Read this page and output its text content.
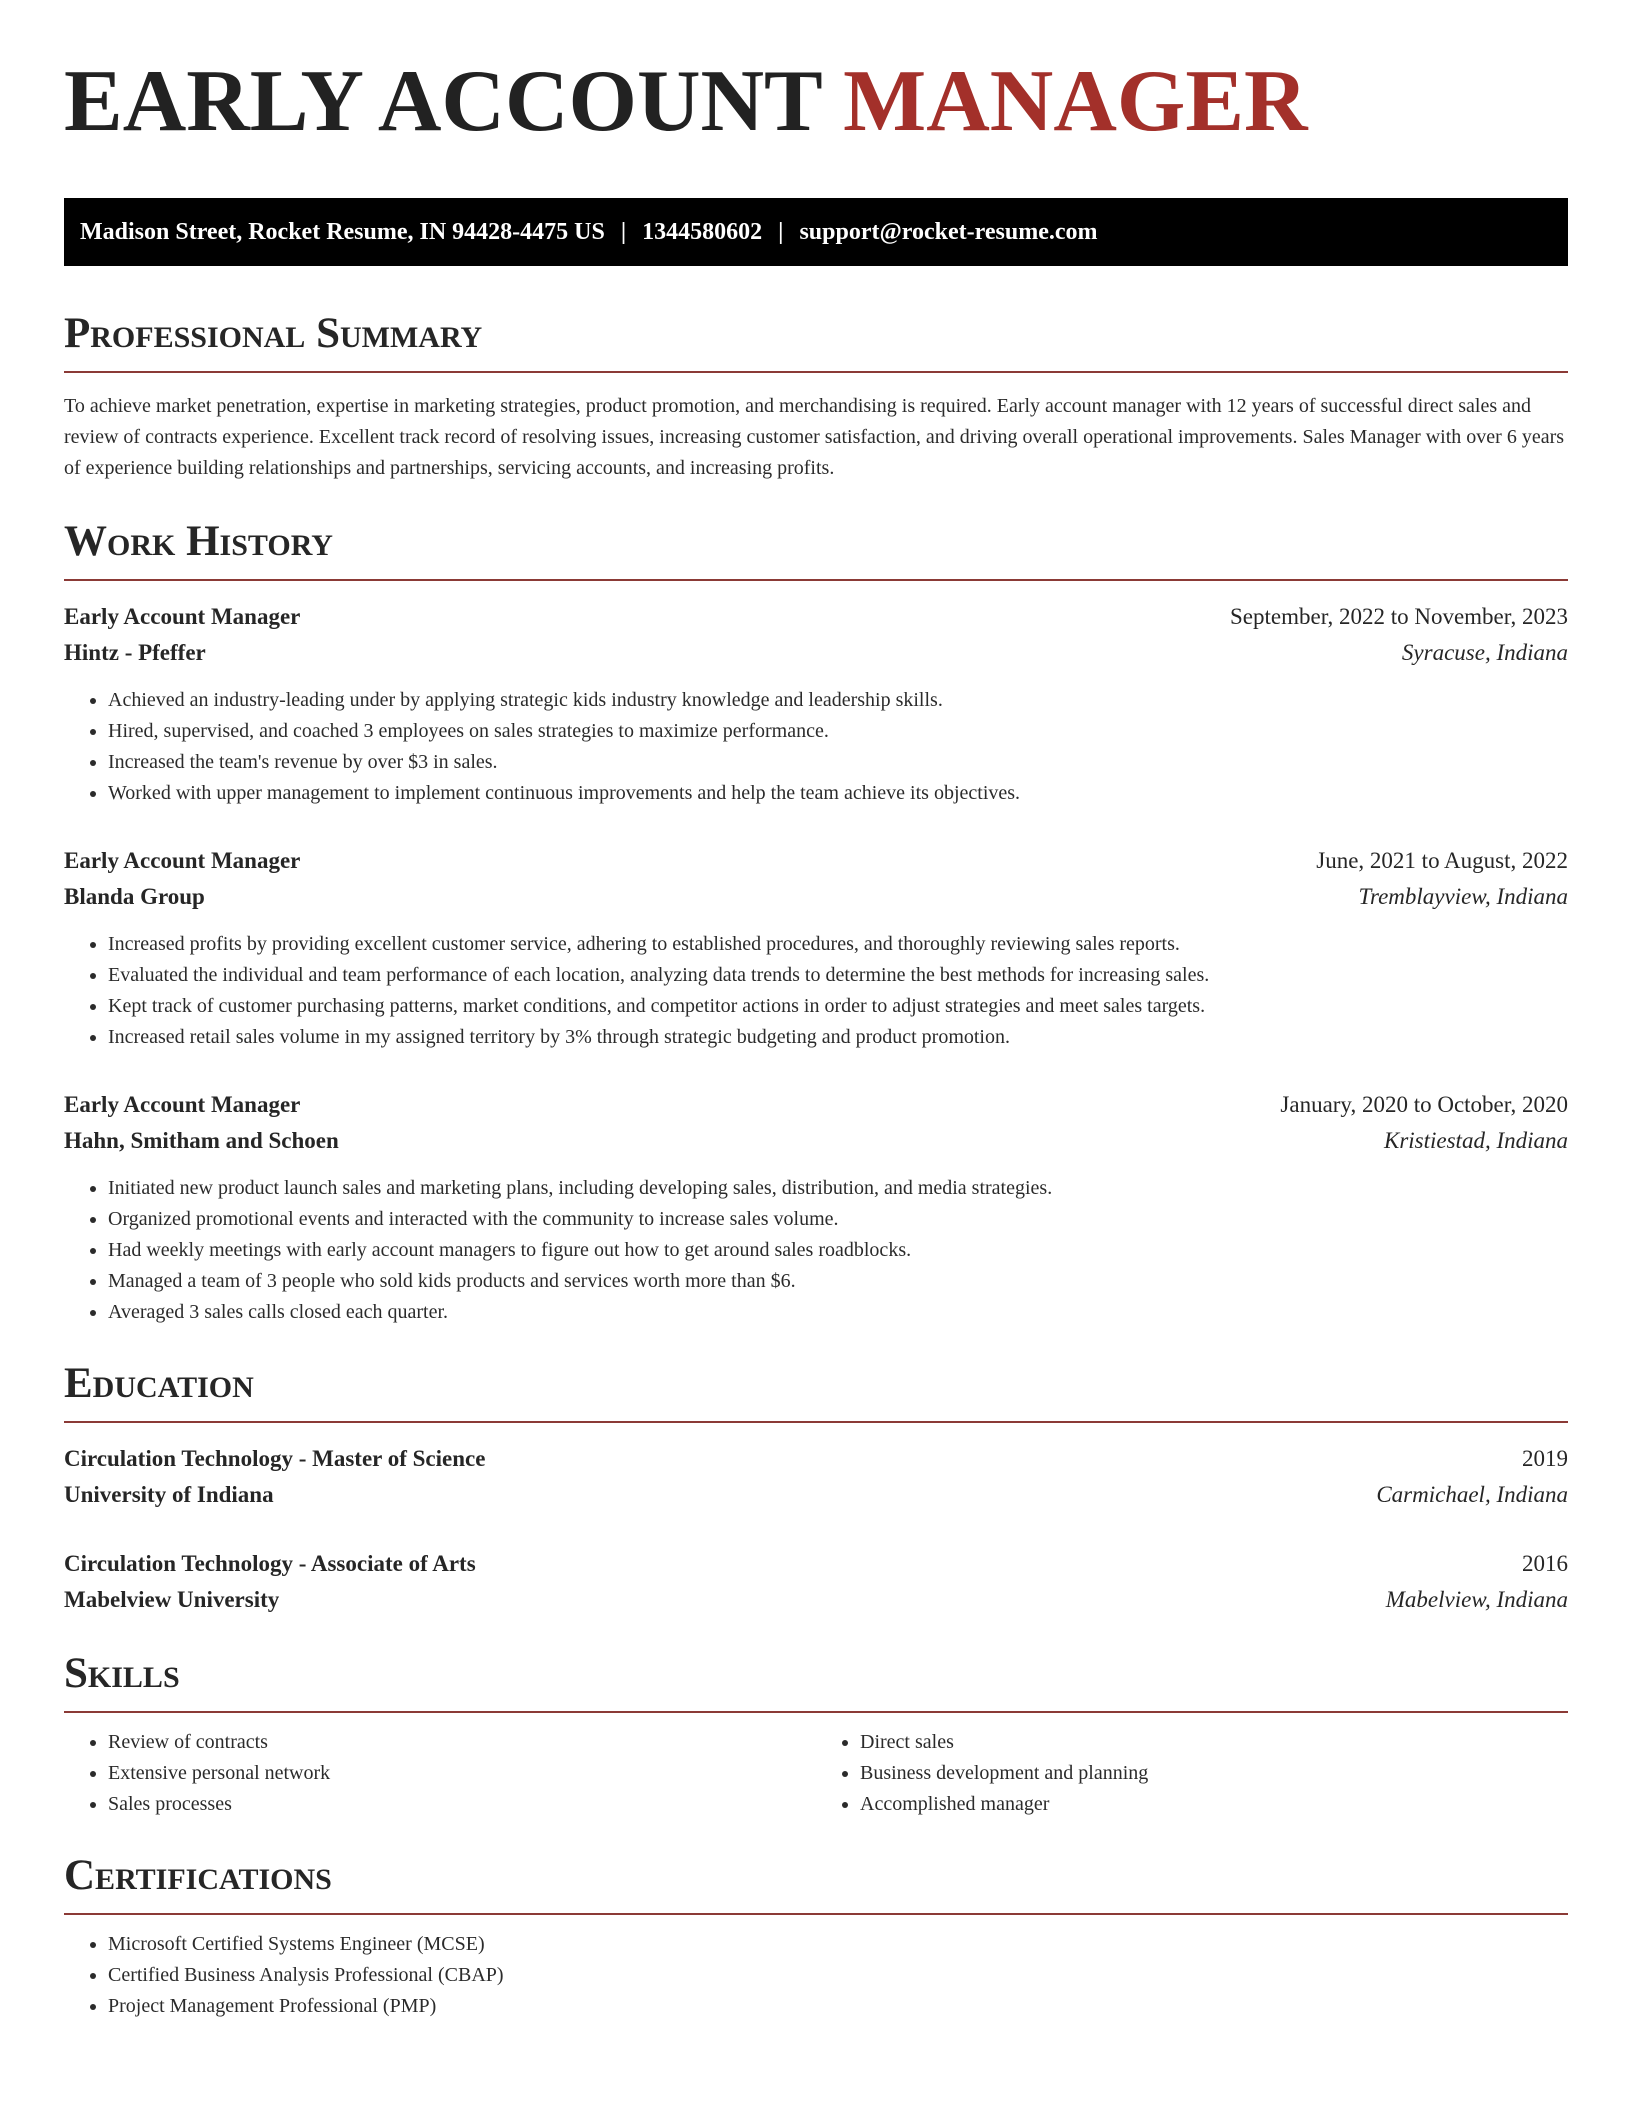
EARLY ACCOUNT MANAGER
Madison Street, Rocket Resume, IN 94428-4475 US | 1344580602 | support@rocket-resume.com
Professional Summary

To achieve market penetration, expertise in marketing strategies, product promotion, and merchandising is required. Early account manager with 12 years of successful direct sales and review of contracts experience. Excellent track record of resolving issues, increasing customer satisfaction, and driving overall operational improvements. Sales Manager with over 6 years of experience building relationships and partnerships, servicing accounts, and increasing profits.

Work History
Early Account Manager	September, 2022 to November, 2023
Hintz - Pfeffer	Syracuse, Indiana
• Achieved an industry-leading under by applying strategic kids industry knowledge and leadership skills.
• Hired, supervised, and coached 3 employees on sales strategies to maximize performance.
• Increased the team's revenue by over $3 in sales.
• Worked with upper management to implement continuous improvements and help the team achieve its objectives.
Early Account Manager	June, 2021 to August, 2022
Blanda Group	Tremblayview, Indiana
• Increased profits by providing excellent customer service, adhering to established procedures, and thoroughly reviewing sales reports.
• Evaluated the individual and team performance of each location, analyzing data trends to determine the best methods for increasing sales.
• Kept track of customer purchasing patterns, market conditions, and competitor actions in order to adjust strategies and meet sales targets.
• Increased retail sales volume in my assigned territory by 3% through strategic budgeting and product promotion.
Early Account Manager	January, 2020 to October, 2020
Hahn, Smitham and Schoen	Kristiestad, Indiana
• Initiated new product launch sales and marketing plans, including developing sales, distribution, and media strategies.
• Organized promotional events and interacted with the community to increase sales volume.
• Had weekly meetings with early account managers to figure out how to get around sales roadblocks.
• Managed a team of 3 people who sold kids products and services worth more than $6.
• Averaged 3 sales calls closed each quarter.
Education
Circulation Technology - Master of Science	2019
University of Indiana	Carmichael, Indiana
Circulation Technology - Associate of Arts	2016
Mabelview University	Mabelview, Indiana
Skills
• Review of contracts
• Extensive personal network
• Sales processes
• Direct sales
• Business development and planning
• Accomplished manager
Certifications
• Microsoft Certified Systems Engineer (MCSE)
• Certified Business Analysis Professional (CBAP)
• Project Management Professional (PMP)
